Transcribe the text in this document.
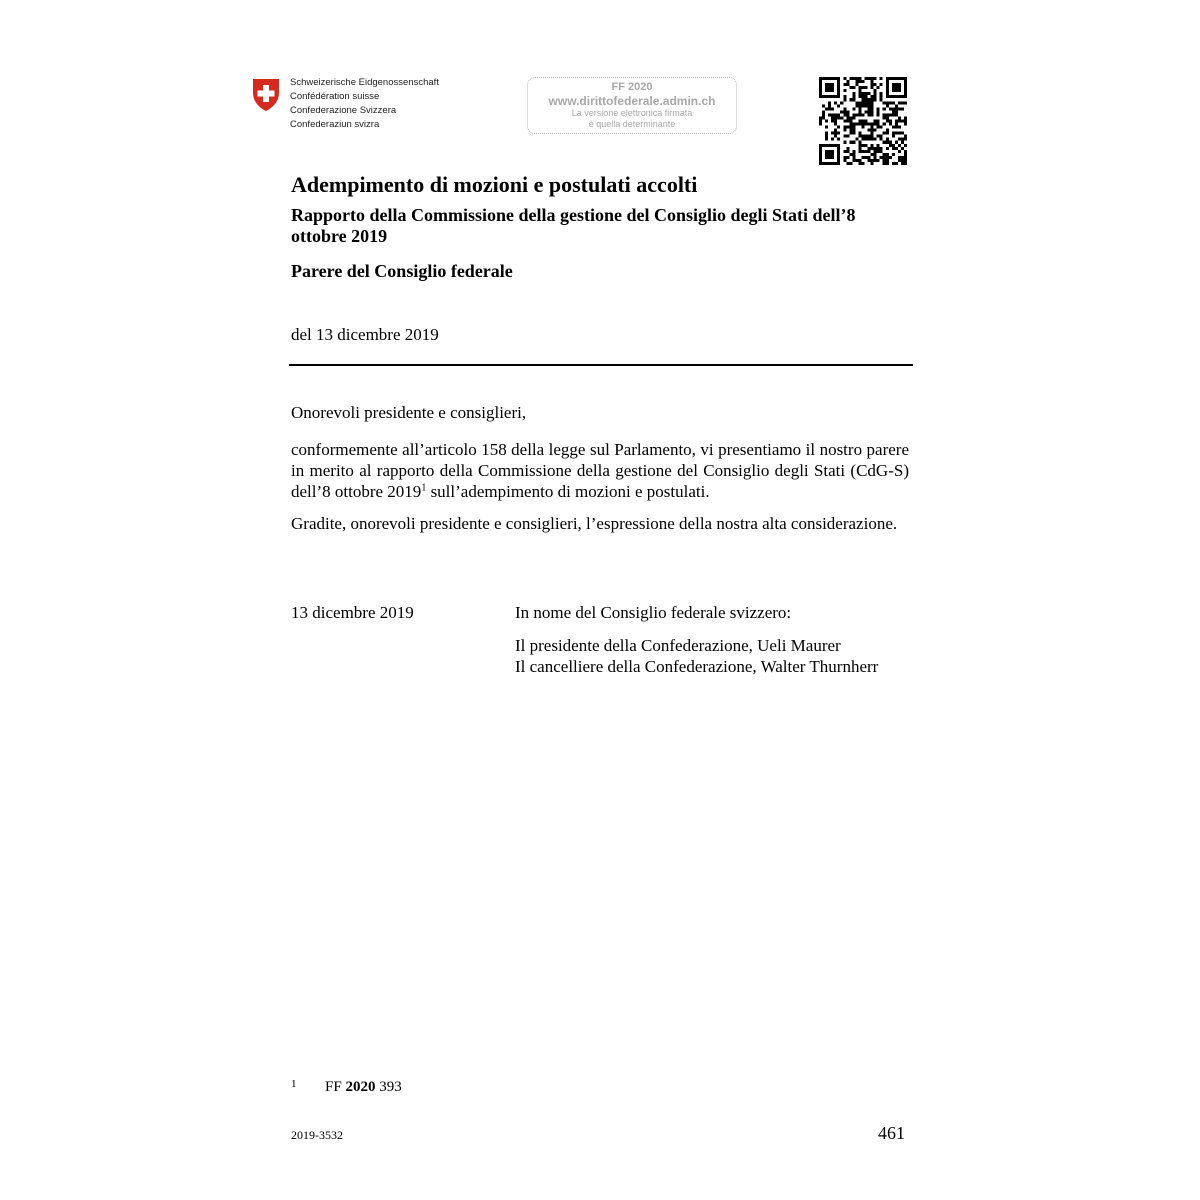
Schweizerische Eidgenossenschaft
Confédération suisse
Confederazione Svizzera
Confederaziun svizra
FF 2020
www.dirittofederale.admin.ch
La versione elettronica firmata
è quella determinante
Adempimento di mozioni e postulati accolti
Rapporto della Commissione della gestione del Consiglio degli Stati dell’8 ottobre 2019
Parere del Consiglio federale
del 13 dicembre 2019
Onorevoli presidente e consiglieri,
conformemente all’articolo 158 della legge sul Parlamento, vi presentiamo il nostro parere in merito al rapporto della Commissione della gestione del Consiglio degli Stati (CdG-S) dell’8 ottobre 2019$^1$ sull’adempimento di mozioni e postulati.
Gradite, onorevoli presidente e consiglieri, l’espressione della nostra alta considerazione.
13 dicembre 2019	In nome del Consiglio federale svizzero:
Il presidente della Confederazione, Ueli Maurer
Il cancelliere della Confederazione, Walter Thurnherr
1 FF 2020 393
2019-3532	461
